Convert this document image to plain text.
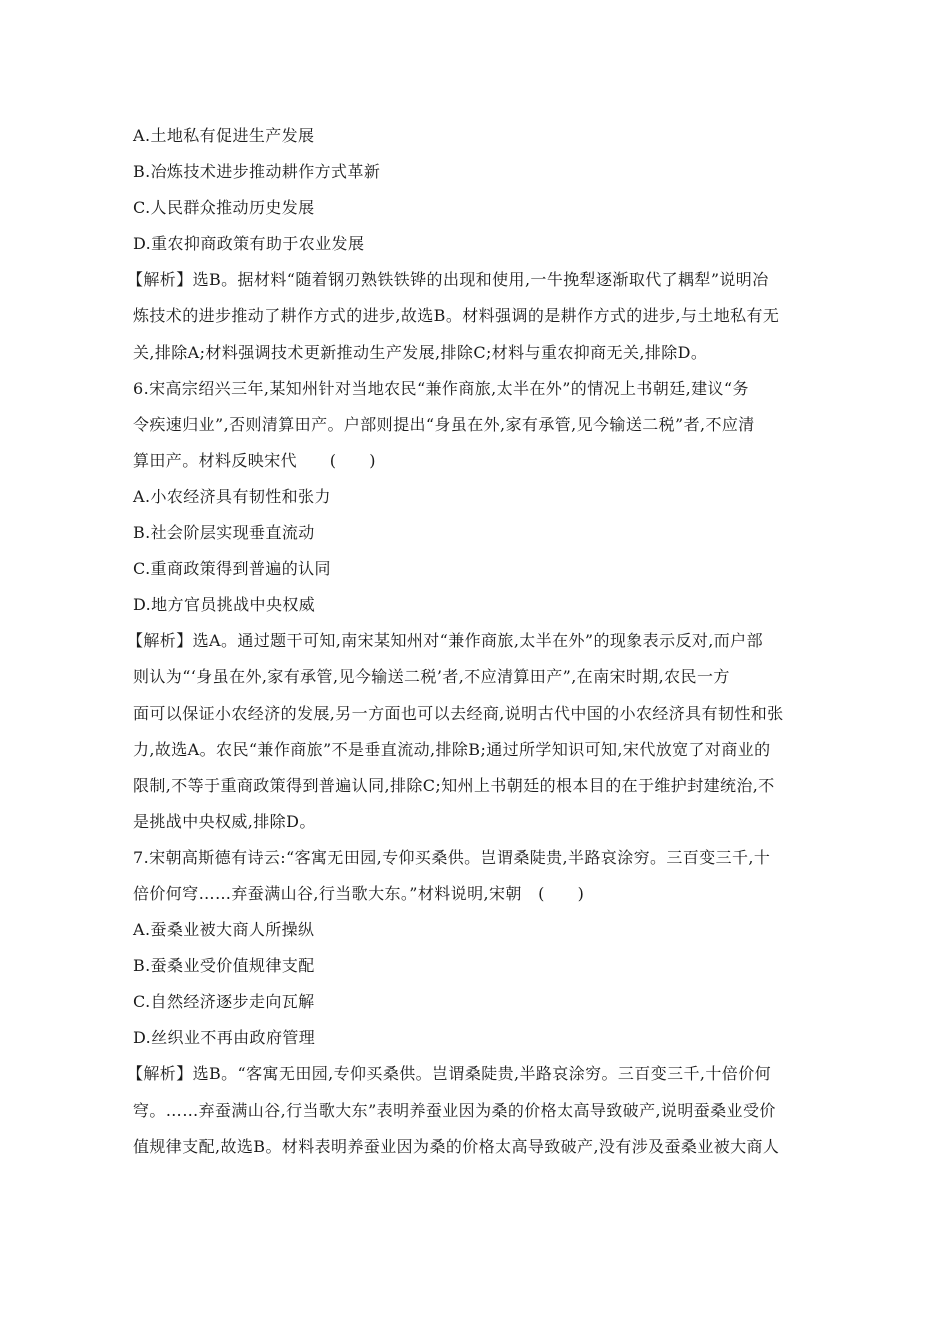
A.土地私有促进生产发展
B.冶炼技术进步推动耕作方式革新
C.人民群众推动历史发展
D.重农抑商政策有助于农业发展
【解析】选B。据材料“随着钢刃熟铁铁铧的出现和使用,一牛挽犁逐渐取代了耦犁”说明冶
炼技术的进步推动了耕作方式的进步,故选B。材料强调的是耕作方式的进步,与土地私有无
关,排除A;材料强调技术更新推动生产发展,排除C;材料与重农抑商无关,排除D。
6.宋高宗绍兴三年,某知州针对当地农民“兼作商旅,太半在外”的情况上书朝廷,建议“务
令疾速归业”,否则清算田产。户部则提出“身虽在外,家有承管,见今输送二税”者,不应清
算田产。材料反映宋代　　(　　)
A.小农经济具有韧性和张力
B.社会阶层实现垂直流动
C.重商政策得到普遍的认同
D.地方官员挑战中央权威
【解析】选A。通过题干可知,南宋某知州对“兼作商旅,太半在外”的现象表示反对,而户部
则认为“‘身虽在外,家有承管,见今输送二税’者,不应清算田产”,在南宋时期,农民一方
面可以保证小农经济的发展,另一方面也可以去经商,说明古代中国的小农经济具有韧性和张
力,故选A。农民“兼作商旅”不是垂直流动,排除B;通过所学知识可知,宋代放宽了对商业的
限制,不等于重商政策得到普遍认同,排除C;知州上书朝廷的根本目的在于维护封建统治,不
是挑战中央权威,排除D。
7.宋朝高斯德有诗云:“客寓无田园,专仰买桑供。岂谓桑陡贵,半路哀涂穷。三百变三千,十
倍价何穹……弃蚕满山谷,行当歌大东。”材料说明,宋朝　(　　)
A.蚕桑业被大商人所操纵
B.蚕桑业受价值规律支配
C.自然经济逐步走向瓦解
D.丝织业不再由政府管理
【解析】选B。“客寓无田园,专仰买桑供。岂谓桑陡贵,半路哀涂穷。三百变三千,十倍价何
穹。……弃蚕满山谷,行当歌大东”表明养蚕业因为桑的价格太高导致破产,说明蚕桑业受价
值规律支配,故选B。材料表明养蚕业因为桑的价格太高导致破产,没有涉及蚕桑业被大商人
